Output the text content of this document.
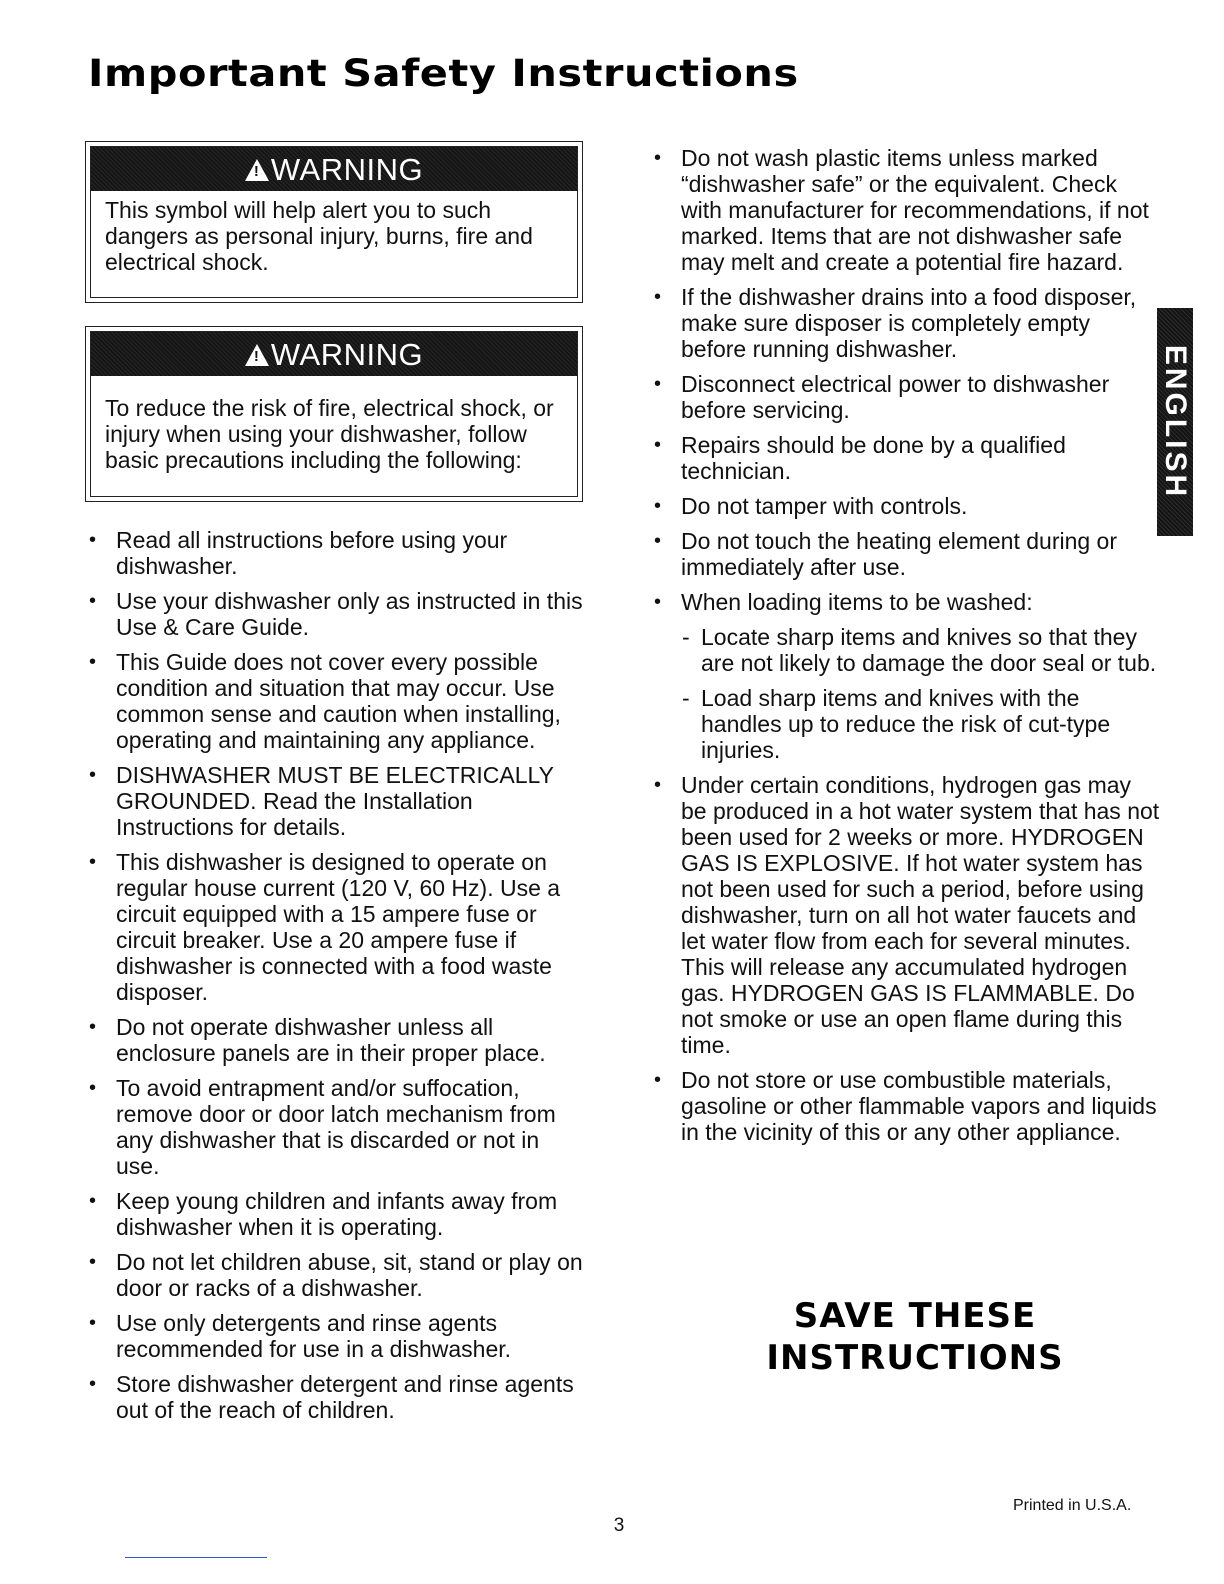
Important Safety Instructions
!WARNING
This symbol will help alert you to such dangers as personal injury, burns, fire and electrical shock.
!WARNING
To reduce the risk of fire, electrical shock, or injury when using your dishwasher, follow basic precautions including the following:
• Read all instructions before using your dishwasher.
• Use your dishwasher only as instructed in this Use & Care Guide.
• This Guide does not cover every possible condition and situation that may occur. Use common sense and caution when installing, operating and maintaining any appliance.
• DISHWASHER MUST BE ELECTRICALLY GROUNDED. Read the Installation Instructions for details.
• This dishwasher is designed to operate on regular house current (120 V, 60 Hz). Use a circuit equipped with a 15 ampere fuse or circuit breaker. Use a 20 ampere fuse if dishwasher is connected with a food waste disposer.
• Do not operate dishwasher unless all enclosure panels are in their proper place.
• To avoid entrapment and/or suffocation, remove door or door latch mechanism from any dishwasher that is discarded or not in use.
• Keep young children and infants away from dishwasher when it is operating.
• Do not let children abuse, sit, stand or play on door or racks of a dishwasher.
• Use only detergents and rinse agents recommended for use in a dishwasher.
• Store dishwasher detergent and rinse agents out of the reach of children.
• Do not wash plastic items unless marked “dishwasher safe” or the equivalent. Check with manufacturer for recommendations, if not marked. Items that are not dishwasher safe may melt and create a potential fire hazard.
• If the dishwasher drains into a food disposer, make sure disposer is completely empty before running dishwasher.
• Disconnect electrical power to dishwasher before servicing.
• Repairs should be done by a qualified technician.
• Do not tamper with controls.
• Do not touch the heating element during or immediately after use.
• When loading items to be washed:
- Locate sharp items and knives so that they are not likely to damage the door seal or tub.
- Load sharp items and knives with the handles up to reduce the risk of cut-type injuries.
• Under certain conditions, hydrogen gas may be produced in a hot water system that has not been used for 2 weeks or more. HYDROGEN GAS IS EXPLOSIVE. If hot water system has not been used for such a period, before using dishwasher, turn on all hot water faucets and let water flow from each for several minutes. This will release any accumulated hydrogen gas. HYDROGEN GAS IS FLAMMABLE. Do not smoke or use an open flame during this time.
• Do not store or use combustible materials, gasoline or other flammable vapors and liquids in the vicinity of this or any other appliance.
SAVE THESE
INSTRUCTIONS
ENGLISH
Printed in U.S.A.
3
